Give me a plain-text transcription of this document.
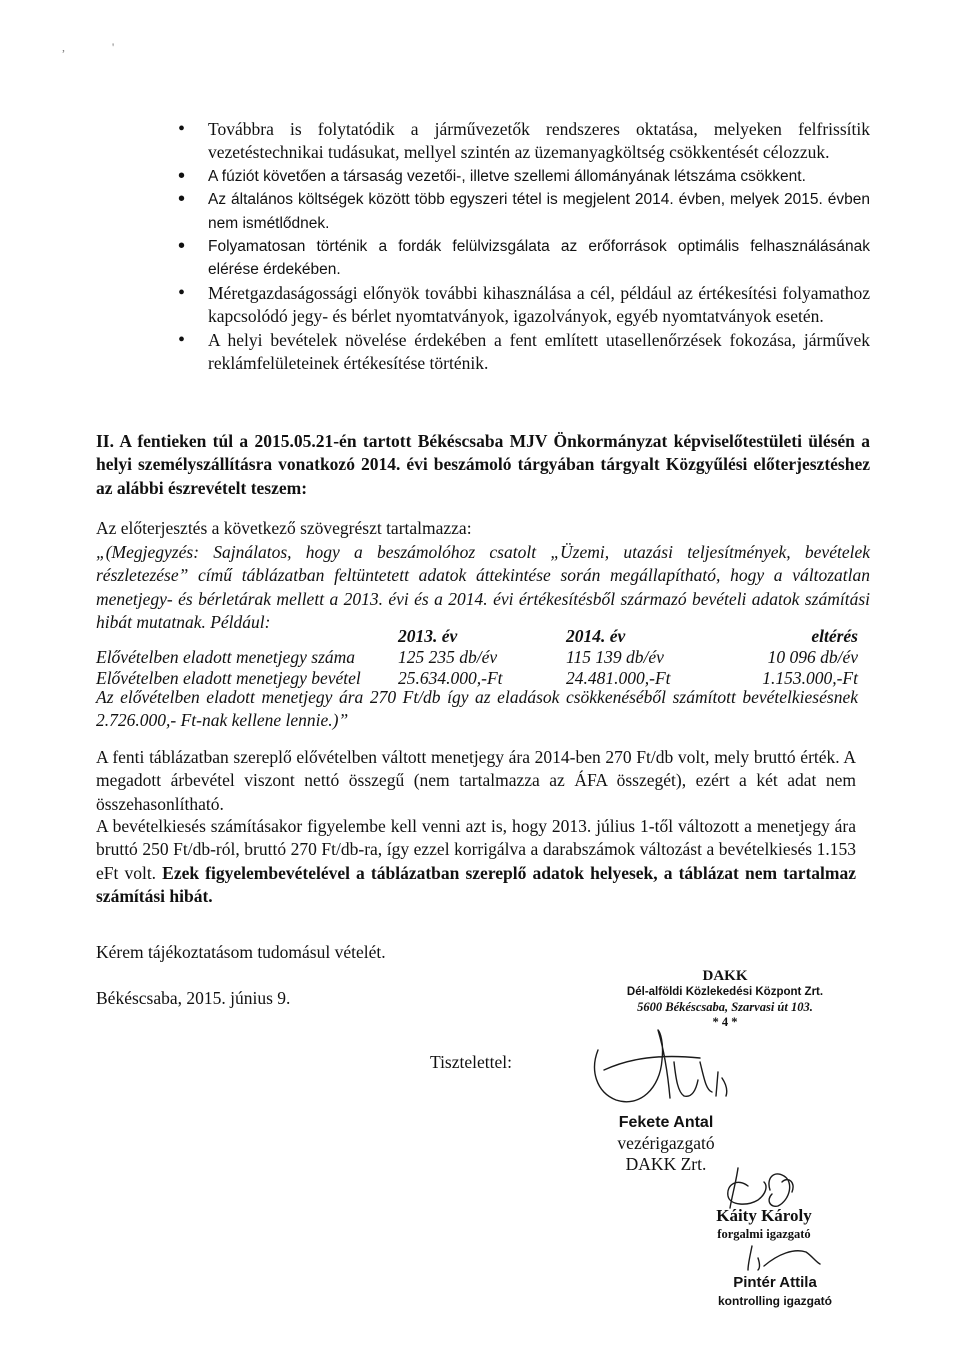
,	'
• Továbbra is folytatódik a járművezetők rendszeres oktatása, melyeken felfrissítik vezetéstechnikai tudásukat, mellyel szintén az üzemanyagköltség csökkentését célozzuk.
• A fúziót követően a társaság vezetői-, illetve szellemi állományának létszáma csökkent.
• Az általános költségek között több egyszeri tétel is megjelent 2014. évben, melyek 2015. évben nem ismétlődnek.
• Folyamatosan történik a fordák felülvizsgálata az erőforrások optimális felhasználásának elérése érdekében.
• Méretgazdaságossági előnyök további kihasználása a cél, például az értékesítési folyamathoz kapcsolódó jegy- és bérlet nyomtatványok, igazolványok, egyéb nyomtatványok esetén.
• A helyi bevételek növelése érdekében a fent említett utasellenőrzések fokozása, járművek reklámfelületeinek értékesítése történik.

II. A fentieken túl a 2015.05.21-én tartott Békéscsaba MJV Önkormányzat képviselőtestületi ülésén a helyi személyszállításra vonatkozó 2014. évi beszámoló tárgyában tárgyalt Közgyűlési előterjesztéshez az alábbi észrevételt teszem:

Az előterjesztés a következő szövegrészt tartalmazza:

„(Megjegyzés: Sajnálatos, hogy a beszámolóhoz csatolt „Üzemi, utazási teljesítmények, bevételek részletezése” című táblázatban feltüntetett adatok áttekintése során megállapítható, hogy a változatlan menetjegy- és bérletárak mellett a 2013. évi és a 2014. évi értékesítésből származó bevételi adatok számítási hibát mutatnak. Például:

	2013. év	2014. év	eltérés
Elővételben eladott menetjegy száma	125 235 db/év	115 139 db/év	10 096 db/év
Elővételben eladott menetjegy bevétel	25.634.000,-Ft	24.481.000,-Ft	1.153.000,-Ft

Az elővételben eladott menetjegy ára 270 Ft/db így az eladások csökkenéséből számított bevételkiesésnek 2.726.000,- Ft-nak kellene lennie.)”

A fenti táblázatban szereplő elővételben váltott menetjegy ára 2014-ben 270 Ft/db volt, mely bruttó érték. A megadott árbevétel viszont nettó összegű (nem tartalmazza az ÁFA összegét), ezért a két adat nem összehasonlítható.

A bevételkiesés számításakor figyelembe kell venni azt is, hogy 2013. július 1-től változott a menetjegy ára bruttó 250 Ft/db-ról, bruttó 270 Ft/db-ra, így ezzel korrigálva a darabszámok változást a bevételkiesés 1.153 eFt volt. Ezek figyelembevételével a táblázatban szereplő adatok helyesek, a táblázat nem tartalmaz számítási hibát.

Kérem tájékoztatásom tudomásul vételét.

Békéscsaba, 2015. június 9.

DAKK
Dél-alföldi Közlekedési Központ Zrt.
5600 Békéscsaba, Szarvasi út 103.
* 4 *

Tisztelettel:

Fekete Antal
vezérigazgató
DAKK Zrt.
Káity Károly
forgalmi igazgató
Pintér Attila
kontrolling igazgató
